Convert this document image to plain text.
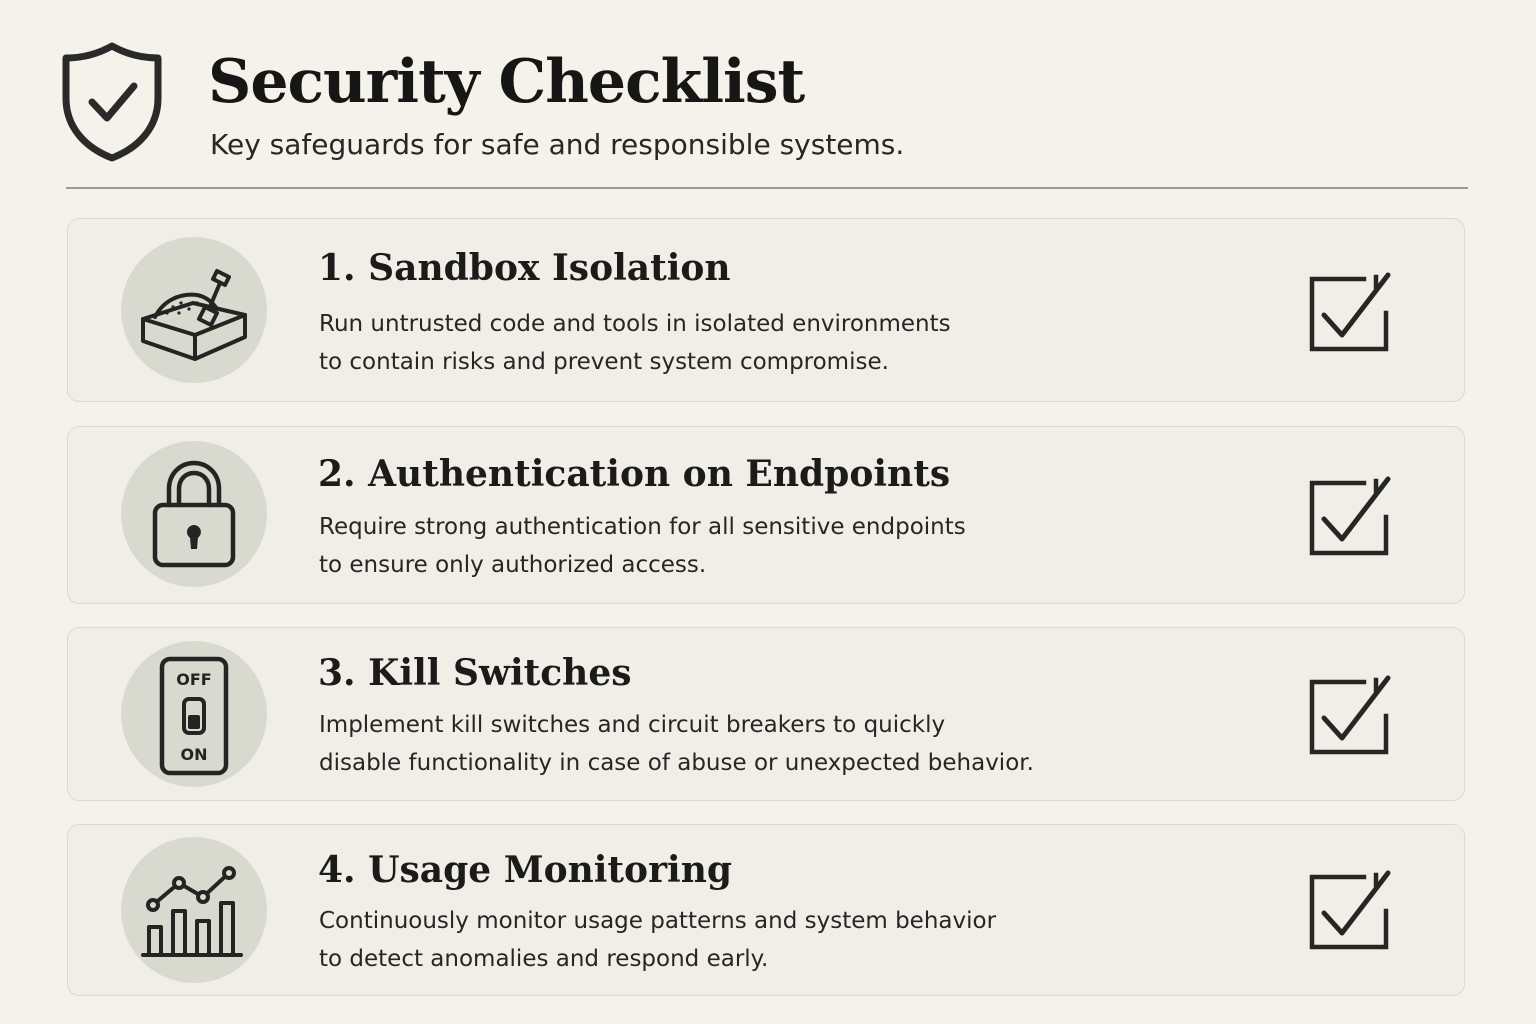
Security Checklist
Key safeguards for safe and responsible systems.
1. Sandbox Isolation
Run untrusted code and tools in isolated environments
to contain risks and prevent system compromise.
2. Authentication on Endpoints
Require strong authentication for all sensitive endpoints
to ensure only authorized access.
OFF
ON
3. Kill Switches
Implement kill switches and circuit breakers to quickly
disable functionality in case of abuse or unexpected behavior.
4. Usage Monitoring
Continuously monitor usage patterns and system behavior
to detect anomalies and respond early.
